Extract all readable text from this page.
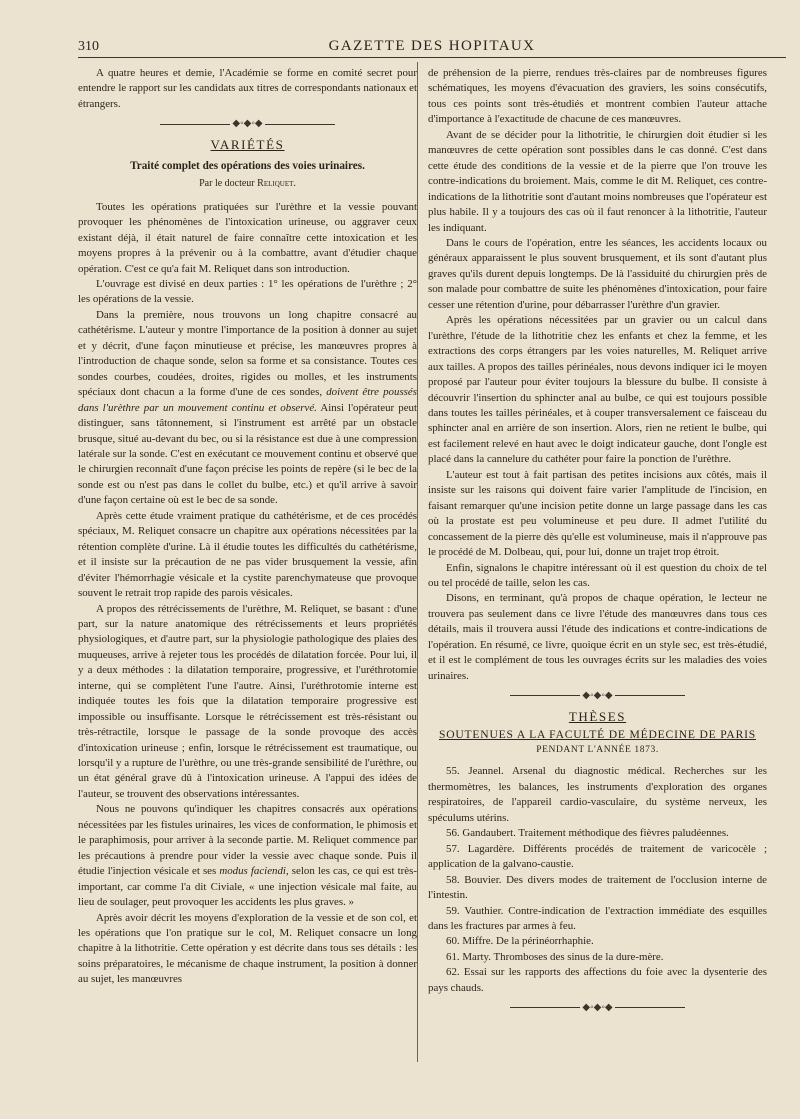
310	GAZETTE DES HOPITAUX

A quatre heures et demie, l'Académie se forme en comité secret pour entendre le rapport sur les candidats aux titres de correspondants nationaux et étrangers.

◆◦◆◦◆
VARIÉTÉS
Traité complet des opérations des voies urinaires.
Par le docteur Reliquet.

Toutes les opérations pratiquées sur l'urèthre et la vessie pouvant provoquer les phénomènes de l'intoxication urineuse, ou aggraver ceux existant déjà, il était naturel de faire connaître cette intoxication et les moyens propres à la prévenir ou à la combattre, avant d'étudier chaque opération. C'est ce qu'a fait M. Reliquet dans son introduction.

L'ouvrage est divisé en deux parties : 1° les opérations de l'urèthre ; 2° les opérations de la vessie.

Dans la première, nous trouvons un long chapitre consacré au cathétérisme. L'auteur y montre l'importance de la position à donner au sujet et y décrit, d'une façon minutieuse et précise, les manœuvres propres à l'introduction de chaque sonde, selon sa forme et sa consistance. Toutes ces sondes courbes, coudées, droites, rigides ou molles, et les instruments spéciaux dont chacun a la forme d'une de ces sondes, doivent être poussés dans l'urèthre par un mouvement continu et observé. Ainsi l'opérateur peut distinguer, sans tâtonnement, si l'instrument est arrêté par un obstacle brusque, situé au-devant du bec, ou si la résistance est due à une compression latérale sur la sonde. C'est en exécutant ce mouvement continu et observé que le chirurgien reconnaît d'une façon précise les points de repère (si le bec de la sonde est ou n'est pas dans le collet du bulbe, etc.) et qu'il arrive à savoir d'une façon certaine où est le bec de sa sonde.

Après cette étude vraiment pratique du cathétérisme, et de ces procédés spéciaux, M. Reliquet consacre un chapitre aux opérations nécessitées par la rétention complète d'urine. Là il étudie toutes les difficultés du cathétérisme, et il insiste sur la précaution de ne pas vider brusquement la vessie, afin d'éviter l'hémorrhagie vésicale et la cystite parenchymateuse que provoque souvent le retrait trop rapide des parois vésicales.

A propos des rétrécissements de l'urèthre, M. Reliquet, se basant : d'une part, sur la nature anatomique des rétrécissements et leurs propriétés physiologiques, et d'autre part, sur la physiologie pathologique des plaies des muqueuses, arrive à rejeter tous les procédés de dilatation forcée. Pour lui, il y a deux méthodes : la dilatation temporaire, progressive, et l'uréthrotomie interne, qui se complètent l'une l'autre. Ainsi, l'uréthrotomie interne est indiquée toutes les fois que la dilatation temporaire progressive est impossible ou insuffisante. Lorsque le rétrécissement est très-résistant ou très-rétractile, lorsque le passage de la sonde provoque des accès d'intoxication urineuse ; enfin, lorsque le rétrécissement est traumatique, ou lorsqu'il y a rupture de l'urèthre, ou une très-grande sensibilité de l'urèthre, ou un état général grave dû à l'intoxication urineuse. A l'appui des idées de l'auteur, se trouvent des observations intéressantes.

Nous ne pouvons qu'indiquer les chapitres consacrés aux opérations nécessitées par les fistules urinaires, les vices de conformation, le phimosis et le paraphimosis, pour arriver à la seconde partie. M. Reliquet commence par les précautions à prendre pour vider la vessie avec chaque sonde. Puis il étudie l'injection vésicale et ses modus faciendi, selon les cas, ce qui est très-important, car comme l'a dit Civiale, « une injection vésicale mal faite, au lieu de soulager, peut provoquer les accidents les plus graves. »

Après avoir décrit les moyens d'exploration de la vessie et de son col, et les opérations que l'on pratique sur le col, M. Reliquet consacre un long chapitre à la lithotritie. Cette opération y est décrite dans tous ses détails : les soins préparatoires, le mécanisme de chaque instrument, la position à donner au sujet, les manœuvres

de préhension de la pierre, rendues très-claires par de nombreuses figures schématiques, les moyens d'évacuation des graviers, les soins consécutifs, tous ces points sont très-étudiés et montrent combien l'auteur attache d'importance à l'exactitude de chacune de ces manœuvres.

Avant de se décider pour la lithotritie, le chirurgien doit étudier si les manœuvres de cette opération sont possibles dans le cas donné. C'est dans cette étude des conditions de la vessie et de la pierre que l'on trouve les contre-indications du broiement. Mais, comme le dit M. Reliquet, ces contre-indications de la lithotritie sont d'autant moins nombreuses que l'opérateur est plus habile. Il y a toujours des cas où il faut renoncer à la lithotritie, l'auteur les indiquant.

Dans le cours de l'opération, entre les séances, les accidents locaux ou généraux apparaissent le plus souvent brusquement, et ils sont d'autant plus graves qu'ils durent depuis longtemps. De là l'assiduité du chirurgien près de son malade pour combattre de suite les phénomènes d'intoxication, pour faire cesser une rétention d'urine, pour débarrasser l'urèthre d'un gravier.

Après les opérations nécessitées par un gravier ou un calcul dans l'urèthre, l'étude de la lithotritie chez les enfants et chez la femme, et les extractions des corps étrangers par les voies naturelles, M. Reliquet arrive aux tailles. A propos des tailles périnéales, nous devons indiquer ici le moyen proposé par l'auteur pour éviter toujours la blessure du bulbe. Il consiste à découvrir l'insertion du sphincter anal au bulbe, ce qui est toujours possible dans toutes les tailles périnéales, et à couper transversalement ce faisceau du sphincter anal en arrière de son insertion. Alors, rien ne retient le bulbe, qui est facilement relevé en haut avec le doigt indicateur gauche, dont l'ongle est placé dans la cannelure du cathéter pour faire la ponction de l'urèthre.

L'auteur est tout à fait partisan des petites incisions aux côtés, mais il insiste sur les raisons qui doivent faire varier l'amplitude de l'incision, en faisant remarquer qu'une incision petite donne un large passage dans les cas où la prostate est peu volumineuse et peu dure. Il admet l'utilité du concassement de la pierre dès qu'elle est volumineuse, mais il n'approuve pas le procédé de M. Dolbeau, qui, pour lui, donne un trajet trop étroit.

Enfin, signalons le chapitre intéressant où il est question du choix de tel ou tel procédé de taille, selon les cas.

Disons, en terminant, qu'à propos de chaque opération, le lecteur ne trouvera pas seulement dans ce livre l'étude des manœuvres dans tous ces détails, mais il trouvera aussi l'étude des indications et contre-indications de l'opération. En résumé, ce livre, quoique écrit en un style sec, est très-étudié, et il est le complément de tous les ouvrages écrits sur les maladies des voies urinaires.

◆◦◆◦◆
THÈSES
SOUTENUES A LA FACULTÉ DE MÉDECINE DE PARIS
PENDANT L'ANNÉE 1873.

55. Jeannel. Arsenal du diagnostic médical. Recherches sur les thermomètres, les balances, les instruments d'exploration des organes respiratoires, de l'appareil cardio-vasculaire, du système nerveux, les spéculums utérins.

56. Gandaubert. Traitement méthodique des fièvres paludéennes.

57. Lagardère. Différents procédés de traitement de varicocèle ; application de la galvano-caustie.

58. Bouvier. Des divers modes de traitement de l'occlusion interne de l'intestin.

59. Vauthier. Contre-indication de l'extraction immédiate des esquilles dans les fractures par armes à feu.

60. Miffre. De la périnéorrhaphie.

61. Marty. Thromboses des sinus de la dure-mère.

62. Essai sur les rapports des affections du foie avec la dysenterie des pays chauds.

◆◦◆◦◆
